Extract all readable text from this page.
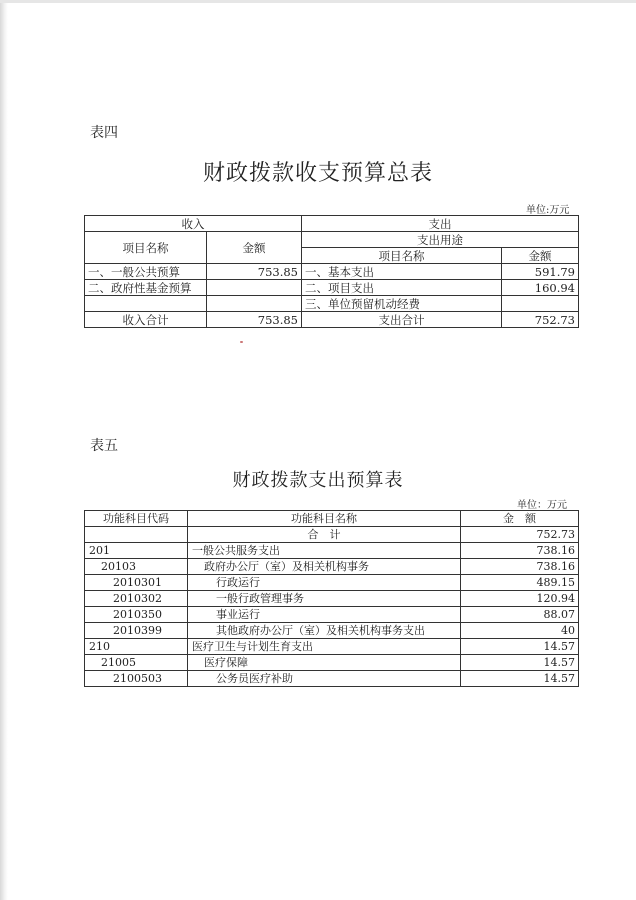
表四
财政拨款收支预算总表
单位:万元
收入		支出	
项目名称	金额	支出用途	
		项目名称	金额
一、一般公共预算	753.85	一、基本支出	591.79
二、政府性基金预算		二、项目支出	160.94
		三、单位预留机动经费	
收入合计	753.85	支出合计	752.73
表五
财政拨款支出预算表
单位：万元
功能科目代码	功能科目名称	金　额
	合　计	752.73
201	一般公共服务支出	738.16
20103	政府办公厅（室）及相关机构事务	738.16
2010301	行政运行	489.15
2010302	一般行政管理事务	120.94
2010350	事业运行	88.07
2010399	其他政府办公厅（室）及相关机构事务支出	40
210	医疗卫生与计划生育支出	14.57
21005	医疗保障	14.57
2100503	公务员医疗补助	14.57
